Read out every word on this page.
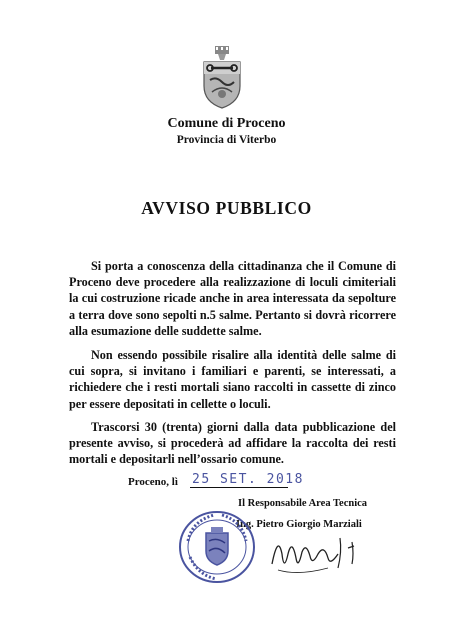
Comune di Proceno
Provincia di Viterbo
AVVISO PUBBLICO

Si porta a conoscenza della cittadinanza che il Comune di Proceno deve procedere alla realizzazione di loculi cimiteriali la cui costruzione ricade anche in area interessata da sepolture a terra dove sono sepolti n.5 salme. Pertanto si dovrà ricorrere alla esumazione delle suddette salme.

Non essendo possibile risalire alla identità delle salme di cui sopra, si invitano i familiari e parenti, se interessati, a richiedere che i resti mortali siano raccolti in cassette di zinco per essere depositati in cellette o loculi.

Trascorsi 30 (trenta) giorni dalla data pubblicazione del presente avviso, si procederà ad affidare la raccolta dei resti mortali e depositarli nell’ossario comune.

Proceno, lì 25 SET. 2018
Il Responsabile Area Tecnica
Ing. Pietro Giorgio Marziali
